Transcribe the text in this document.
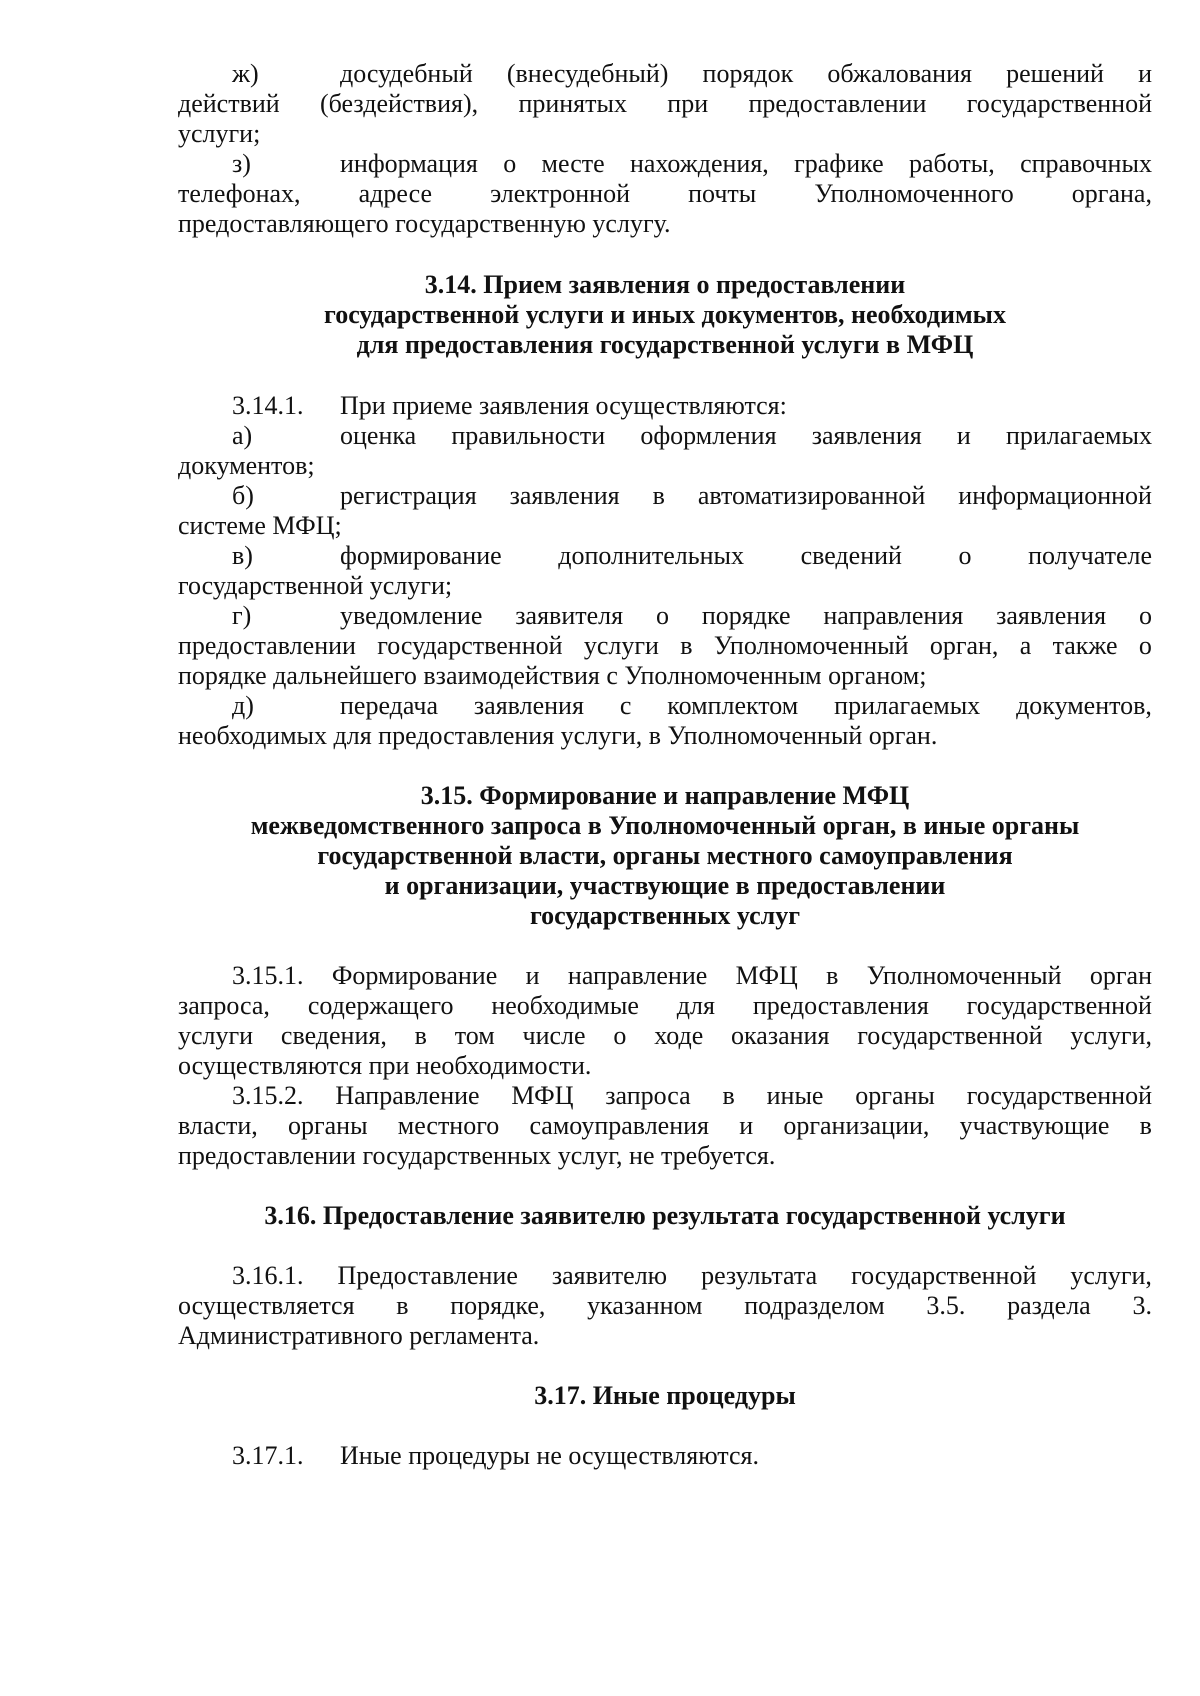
ж)	досудебный (внесудебный) порядок обжалования решений и
действий (бездействия), принятых при предоставлении государственной
услуги;
з)	информация о месте нахождения, графике работы, справочных
телефонах, адресе электронной почты Уполномоченного органа,
предоставляющего государственную услугу.
3.14. Прием заявления о предоставлении
государственной услуги и иных документов, необходимых
для предоставления государственной услуги в МФЦ
3.14.1. При приеме заявления осуществляются:
а)	оценка правильности оформления заявления и прилагаемых
документов;
б)	регистрация заявления в автоматизированной информационной
системе МФЦ;
в)	формирование дополнительных сведений о получателе
государственной услуги;
г)	уведомление заявителя о порядке направления заявления о
предоставлении государственной услуги в Уполномоченный орган, а также о
порядке дальнейшего взаимодействия с Уполномоченным органом;
д)	передача заявления с комплектом прилагаемых документов,
необходимых для предоставления услуги, в Уполномоченный орган.
3.15. Формирование и направление МФЦ
межведомственного запроса в Уполномоченный орган, в иные органы
государственной власти, органы местного самоуправления
и организации, участвующие в предоставлении
государственных услуг
3.15.1. Формирование и направление МФЦ в Уполномоченный орган
запроса, содержащего необходимые для предоставления государственной
услуги сведения, в том числе о ходе оказания государственной услуги,
осуществляются при необходимости.
3.15.2. Направление МФЦ запроса в иные органы государственной
власти, органы местного самоуправления и организации, участвующие в
предоставлении государственных услуг, не требуется.
3.16. Предоставление заявителю результата государственной услуги
3.16.1. Предоставление заявителю результата государственной услуги,
осуществляется в порядке, указанном подразделом 3.5. раздела 3.
Административного регламента.
3.17. Иные процедуры
3.17.1. Иные процедуры не осуществляются.
